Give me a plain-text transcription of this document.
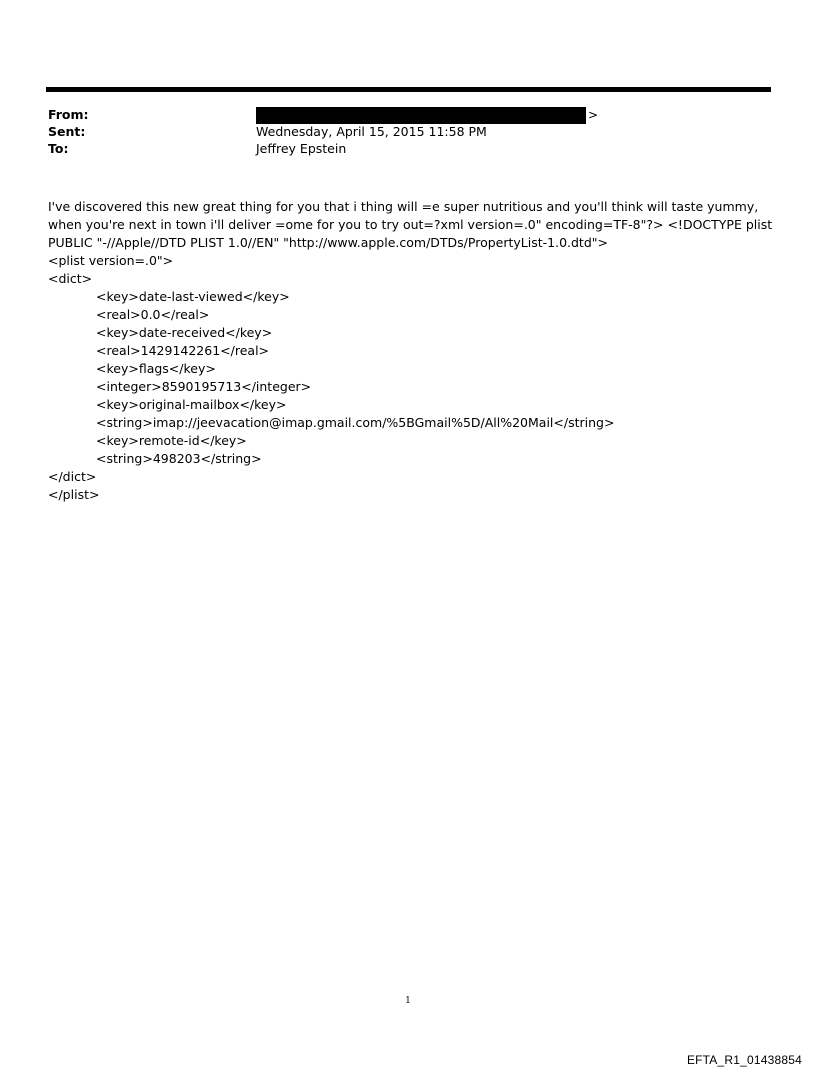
From:	>
Sent:	Wednesday, April 15, 2015 11:58 PM
To:	Jeffrey Epstein

I've discovered this new great thing for you that i thing will =e super nutritious and you'll think will taste yummy, when you're next in town i'll deliver =ome for you to try out=?xml version=.0" encoding=TF-8"?> <!DOCTYPE plist PUBLIC "-//Apple//DTD PLIST 1.0//EN" "http://www.apple.com/DTDs/PropertyList-1.0.dtd">

<plist version=.0">

<dict>

<key>date-last-viewed</key>

<real>0.0</real>

<key>date-received</key>

<real>1429142261</real>

<key>flags</key>

<integer>8590195713</integer>

<key>original-mailbox</key>

<string>imap://jeevacation@imap.gmail.com/%5BGmail%5D/All%20Mail</string>

<key>remote-id</key>

<string>498203</string>

</dict>

</plist>

1
EFTA_R1_01438854
